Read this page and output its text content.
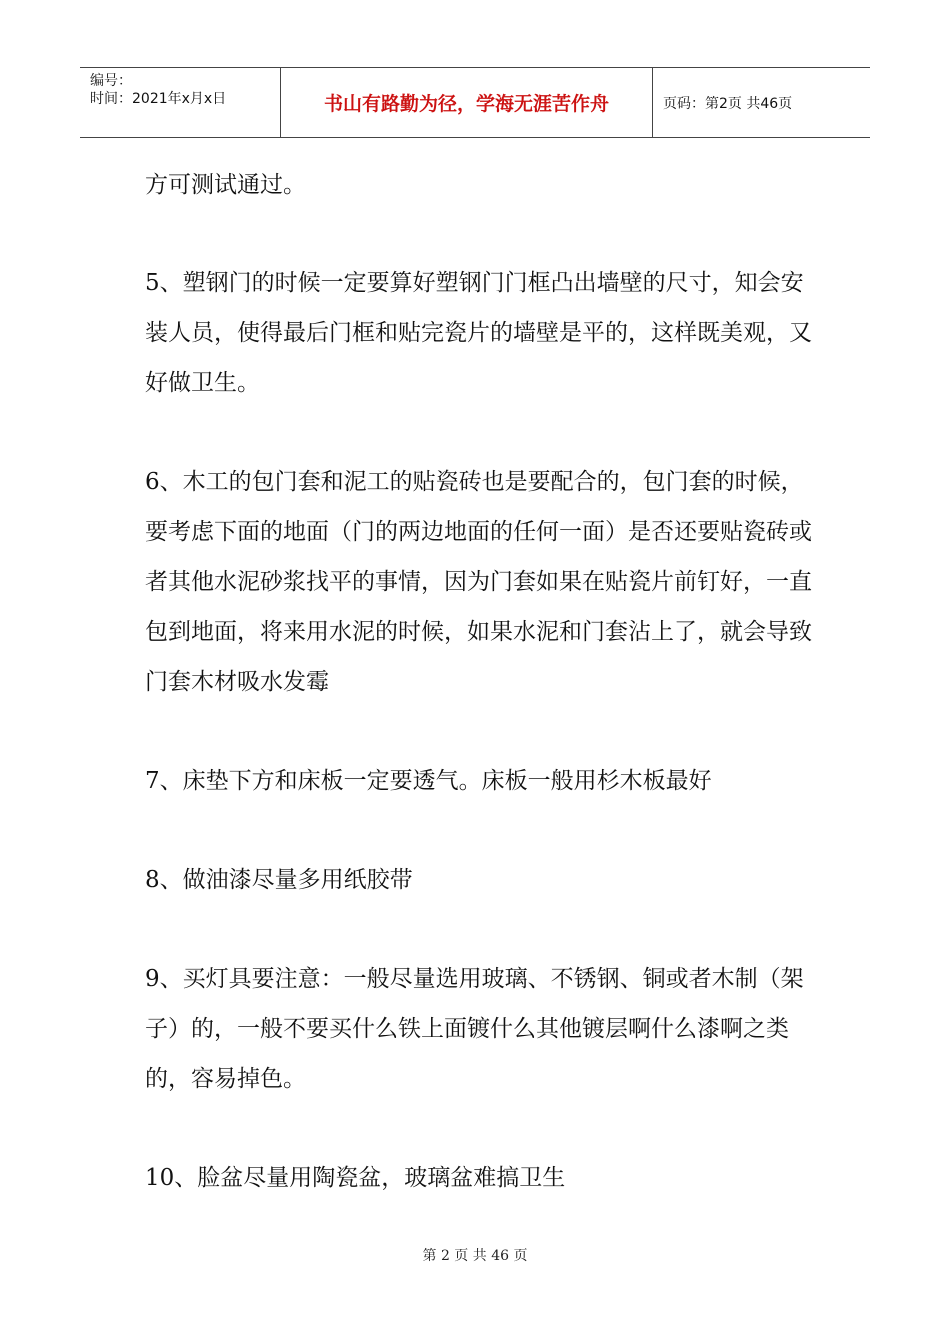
编号：
时间：2021年x月x日	书山有路勤为径，学海无涯苦作舟	页码：第2页 共46页

方可测试通过。

5、塑钢门的时候一定要算好塑钢门门框凸出墙壁的尺寸，知会安装人员，使得最后门框和贴完瓷片的墙壁是平的，这样既美观，又好做卫生。

6、木工的包门套和泥工的贴瓷砖也是要配合的，包门套的时候，要考虑下面的地面（门的两边地面的任何一面）是否还要贴瓷砖或者其他水泥砂浆找平的事情，因为门套如果在贴瓷片前钉好，一直包到地面，将来用水泥的时候，如果水泥和门套沾上了，就会导致门套木材吸水发霉

7、床垫下方和床板一定要透气。床板一般用杉木板最好

8、做油漆尽量多用纸胶带

9、买灯具要注意：一般尽量选用玻璃、不锈钢、铜或者木制（架子）的，一般不要买什么铁上面镀什么其他镀层啊什么漆啊之类的，容易掉色。

10、脸盆尽量用陶瓷盆，玻璃盆难搞卫生

第 2 页 共 46 页
